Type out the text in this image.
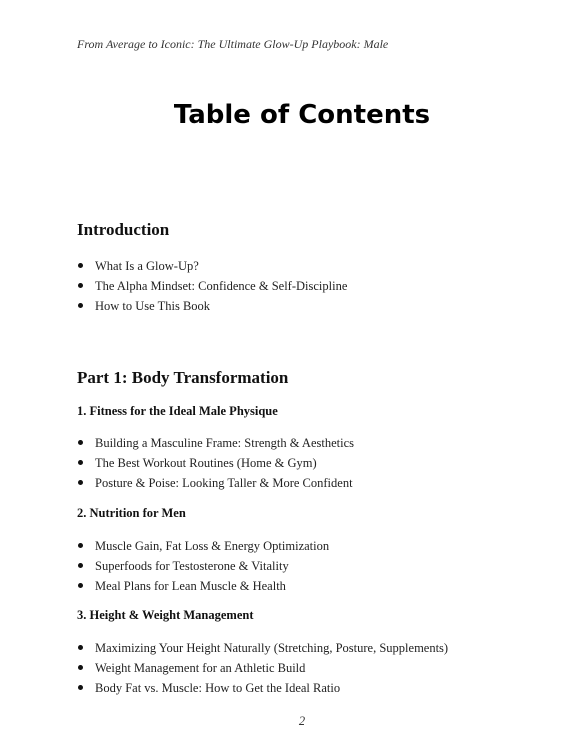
From Average to Iconic: The Ultimate Glow-Up Playbook: Male
Table of Contents
Introduction
What Is a Glow-Up?
The Alpha Mindset: Confidence & Self-Discipline
How to Use This Book
Part 1: Body Transformation
1. Fitness for the Ideal Male Physique
Building a Masculine Frame: Strength & Aesthetics
The Best Workout Routines (Home & Gym)
Posture & Poise: Looking Taller & More Confident
2. Nutrition for Men
Muscle Gain, Fat Loss & Energy Optimization
Superfoods for Testosterone & Vitality
Meal Plans for Lean Muscle & Health
3. Height & Weight Management
Maximizing Your Height Naturally (Stretching, Posture, Supplements)
Weight Management for an Athletic Build
Body Fat vs. Muscle: How to Get the Ideal Ratio
2
